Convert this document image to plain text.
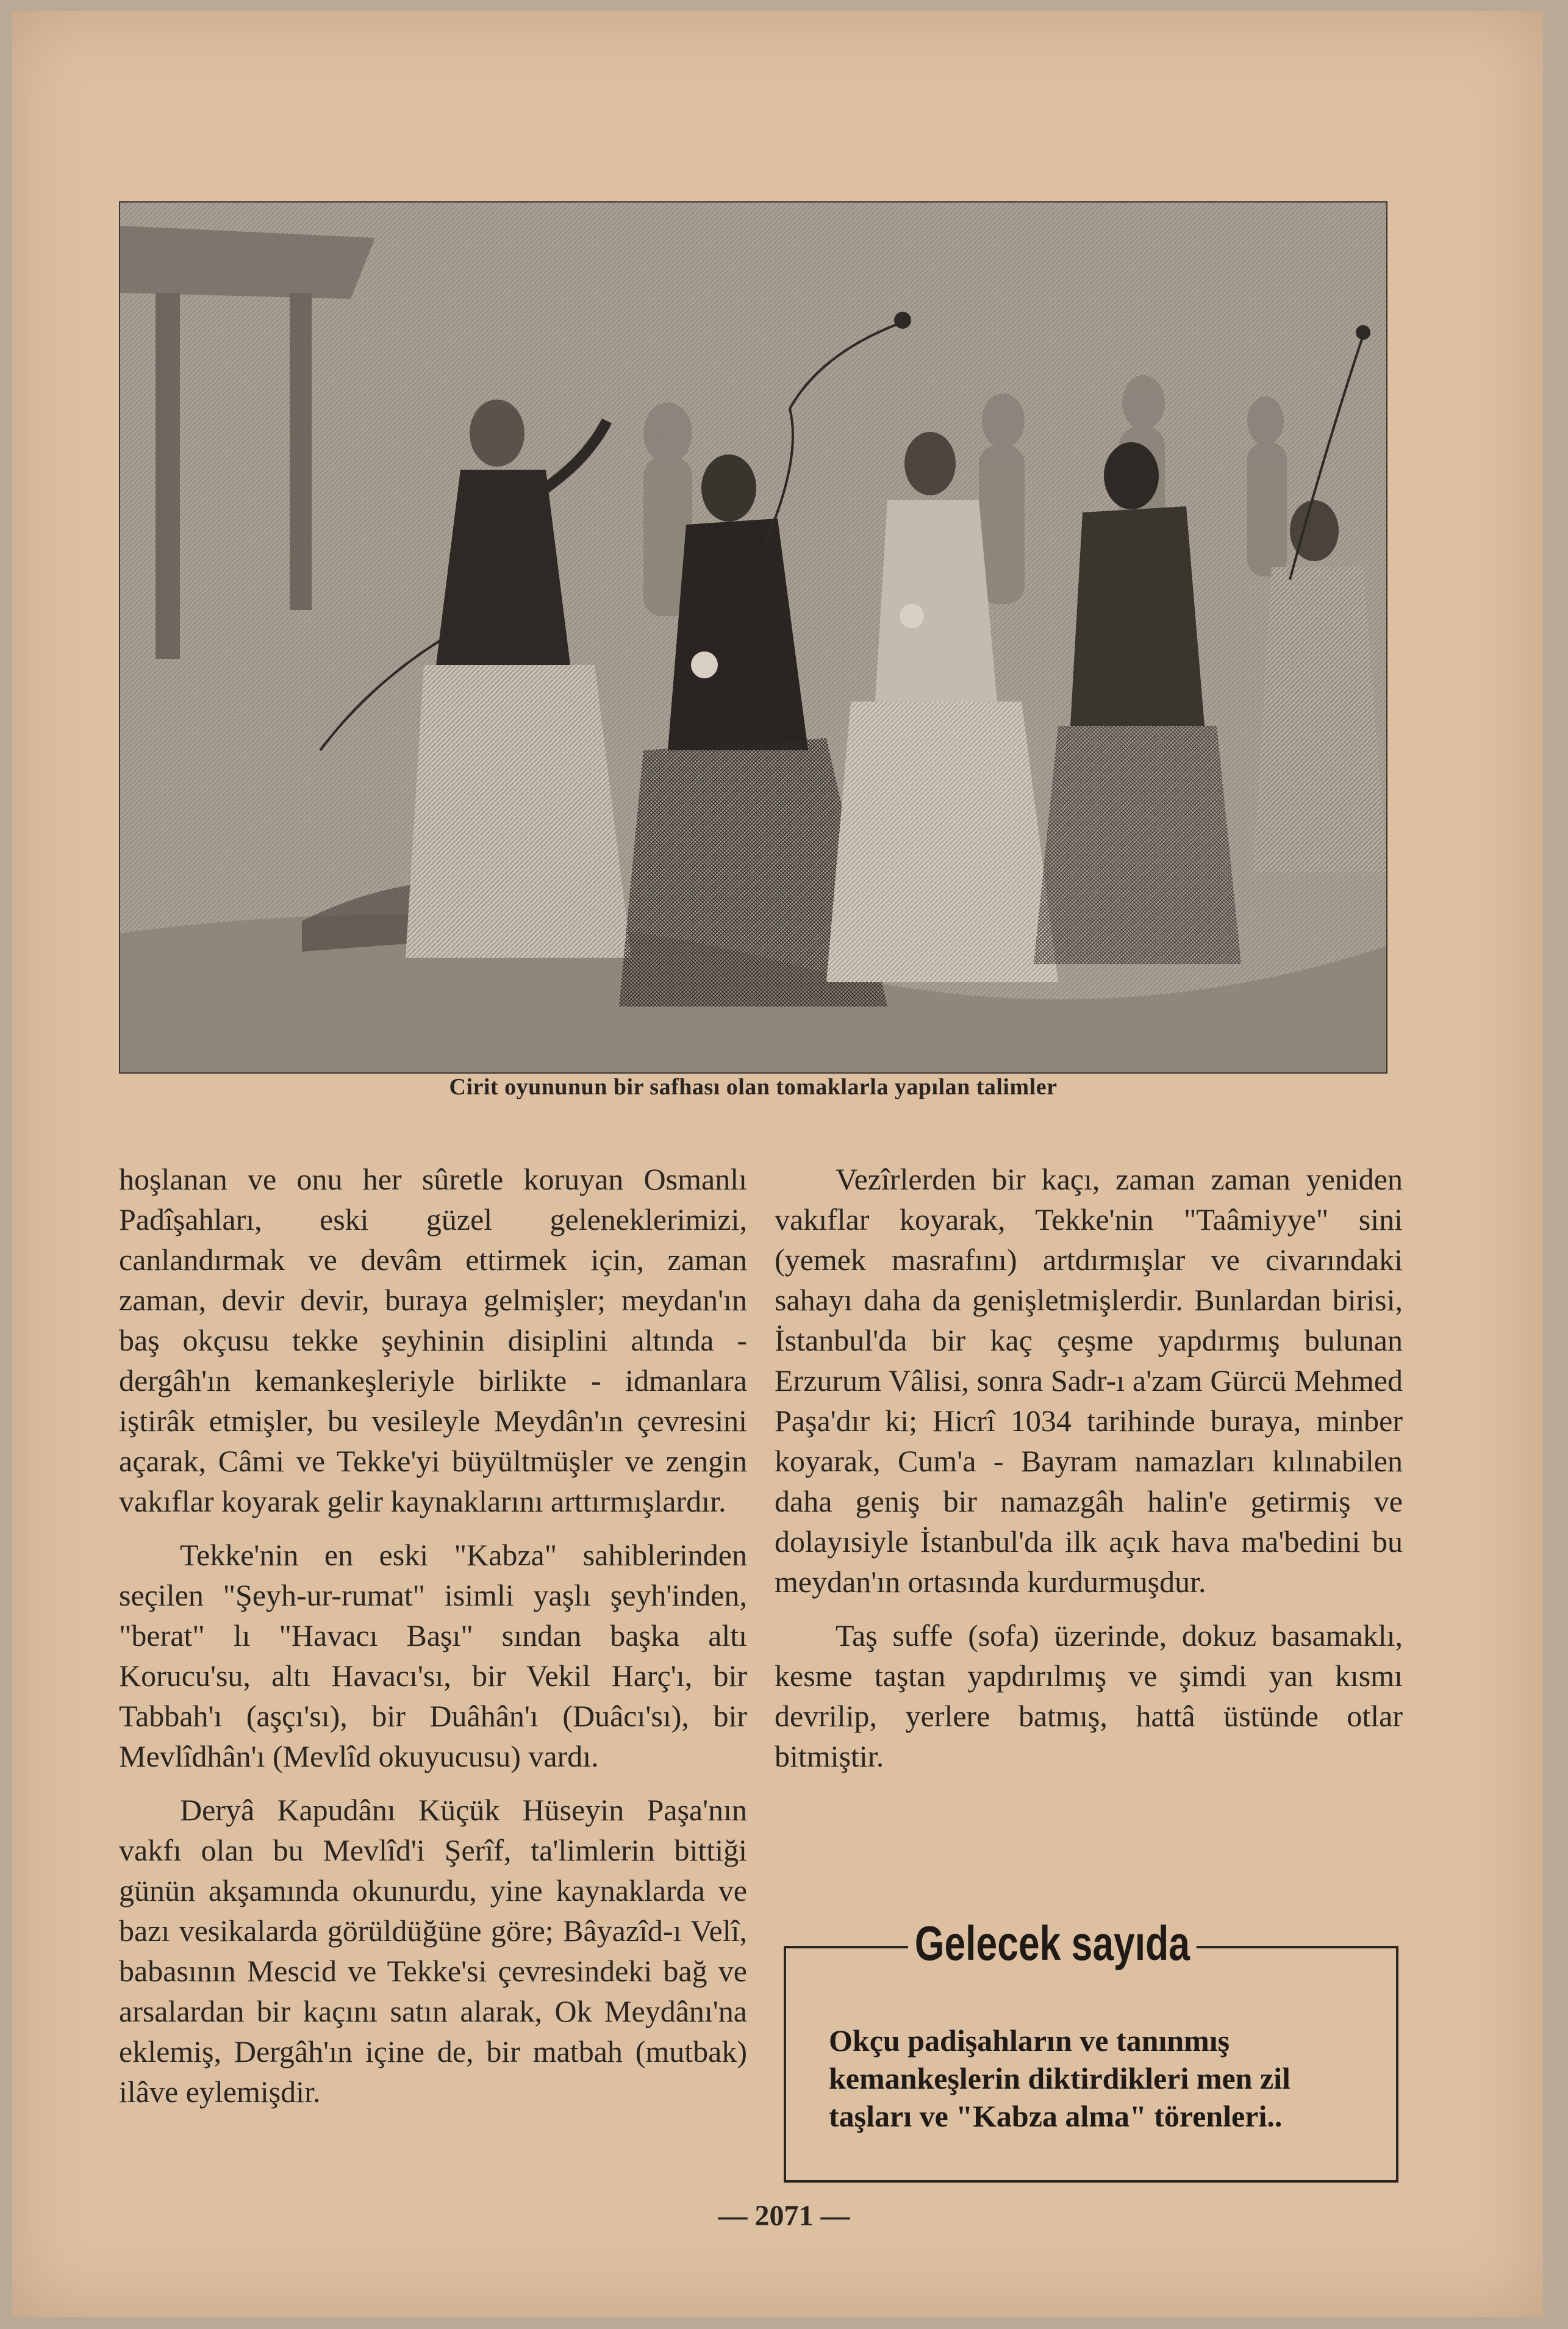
Cirit oyununun bir safhası olan tomaklarla yapılan talimler

hoşlanan ve onu her sûretle koruyan Osmanlı Padîşahları, eski güzel geleneklerimizi, canlandırmak ve devâm ettirmek için, zaman zaman, devir devir, buraya gelmişler; meydan'ın baş okçusu tekke şeyhinin disiplini altında - dergâh'ın kemankeşleriyle birlikte - idmanlara iştirâk etmişler, bu vesileyle Meydân'ın çevresini açarak, Câmi ve Tekke'yi büyültmüşler ve zengin vakıflar koyarak gelir kaynaklarını arttırmışlardır.

Tekke'nin en eski "Kabza" sahiblerinden seçilen "Şeyh-ur-rumat" isimli yaşlı şeyh'inden, "berat" lı "Havacı Başı" sından başka altı Korucu'su, altı Havacı'sı, bir Vekil Harç'ı, bir Tabbah'ı (aşçı'sı), bir Duâhân'ı (Duâcı'sı), bir Mevlîdhân'ı (Mevlîd okuyucusu) vardı.

Deryâ Kapudânı Küçük Hüseyin Paşa'nın vakfı olan bu Mevlîd'i Şerîf, ta'limlerin bittiği günün akşamında okunurdu, yine kaynaklarda ve bazı vesikalarda görüldüğüne göre; Bâyazîd-ı Velî, babasının Mescid ve Tekke'si çevresindeki bağ ve arsalardan bir kaçını satın alarak, Ok Meydânı'na eklemiş, Dergâh'ın içine de, bir matbah (mutbak) ilâve eylemişdir.

Vezîrlerden bir kaçı, zaman zaman yeniden vakıflar koyarak, Tekke'nin "Taâmiyye" sini (yemek masrafını) artdırmışlar ve civarındaki sahayı daha da genişletmişlerdir. Bunlardan birisi, İstanbul'da bir kaç çeşme yapdırmış bulunan Erzurum Vâlisi, sonra Sadr-ı a'zam Gürcü Mehmed Paşa'dır ki; Hicrî 1034 tarihinde buraya, minber koyarak, Cum'a - Bayram namazları kılınabilen daha geniş bir namazgâh halin'e getirmiş ve dolayısiyle İstanbul'da ilk açık hava ma'bedini bu meydan'ın ortasında kurdurmuşdur.

Taş suffe (sofa) üzerinde, dokuz basamaklı, kesme taştan yapdırılmış ve şimdi yan kısmı devrilip, yerlere batmış, hattâ üstünde otlar bitmiştir.

Gelecek sayıda
Okçu padişahların ve tanınmış kemankeşlerin diktirdikleri men zil taşları ve "Kabza alma" törenleri..
— 2071 —
